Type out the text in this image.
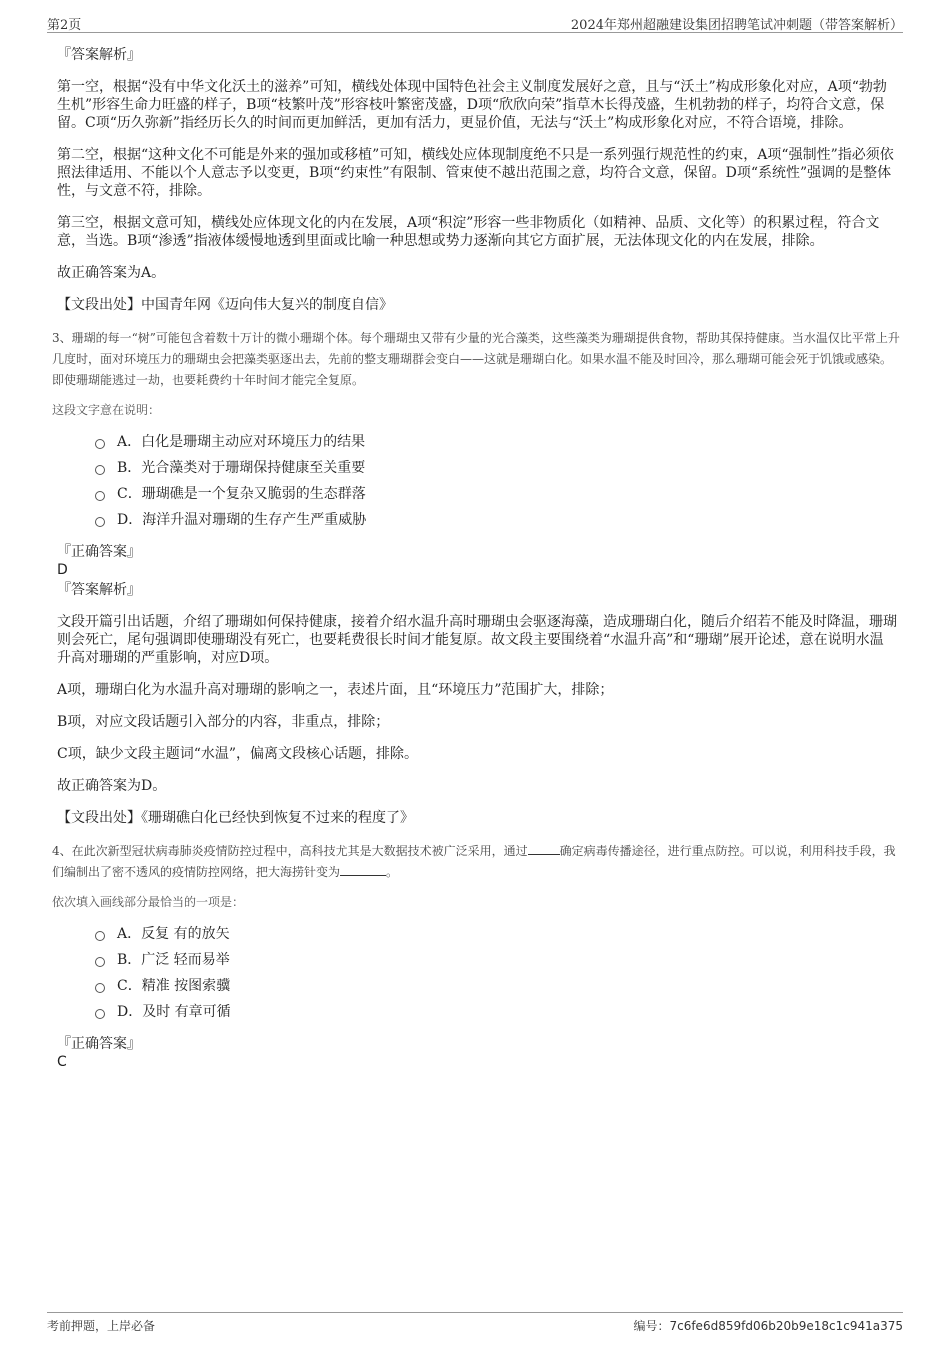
第2页	2024年郑州超融建设集团招聘笔试冲刺题（带答案解析）

『答案解析』

第一空，根据“没有中华文化沃土的滋养”可知，横线处体现中国特色社会主义制度发展好之意，且与“沃土”构成形象化对应，A项“勃勃生机”形容生命力旺盛的样子，B项“枝繁叶茂”形容枝叶繁密茂盛，D项“欣欣向荣”指草木长得茂盛，生机勃勃的样子，均符合文意，保留。C项“历久弥新”指经历长久的时间而更加鲜活，更加有活力，更显价值，无法与“沃土”构成形象化对应，不符合语境，排除。

第二空，根据“这种文化不可能是外来的强加或移植”可知，横线处应体现制度绝不只是一系列强行规范性的约束，A项“强制性”指必须依照法律适用、不能以个人意志予以变更，B项“约束性”有限制、管束使不越出范围之意，均符合文意，保留。D项“系统性”强调的是整体性，与文意不符，排除。

第三空，根据文意可知，横线处应体现文化的内在发展，A项“积淀”形容一些非物质化（如精神、品质、文化等）的积累过程，符合文意，当选。B项“渗透”指液体缓慢地透到里面或比喻一种思想或势力逐渐向其它方面扩展，无法体现文化的内在发展，排除。

故正确答案为A。

【文段出处】中国青年网《迈向伟大复兴的制度自信》

3、珊瑚的每一“树”可能包含着数十万计的微小珊瑚个体。每个珊瑚虫又带有少量的光合藻类，这些藻类为珊瑚提供食物，帮助其保持健康。当水温仅比平常上升几度时，面对环境压力的珊瑚虫会把藻类驱逐出去，先前的整支珊瑚群会变白——这就是珊瑚白化。如果水温不能及时回冷，那么珊瑚可能会死于饥饿或感染。即使珊瑚能逃过一劫，也要耗费约十年时间才能完全复原。

这段文字意在说明：

A． 白化是珊瑚主动应对环境压力的结果
B． 光合藻类对于珊瑚保持健康至关重要
C． 珊瑚礁是一个复杂又脆弱的生态群落
D． 海洋升温对珊瑚的生存产生严重威胁

『正确答案』

D

『答案解析』

文段开篇引出话题，介绍了珊瑚如何保持健康，接着介绍水温升高时珊瑚虫会驱逐海藻，造成珊瑚白化，随后介绍若不能及时降温，珊瑚则会死亡，尾句强调即使珊瑚没有死亡，也要耗费很长时间才能复原。故文段主要围绕着“水温升高”和“珊瑚”展开论述，意在说明水温升高对珊瑚的严重影响，对应D项。

A项，珊瑚白化为水温升高对珊瑚的影响之一，表述片面，且“环境压力”范围扩大，排除；

B项，对应文段话题引入部分的内容，非重点，排除；

C项，缺少文段主题词“水温”，偏离文段核心话题，排除。

故正确答案为D。

【文段出处】《珊瑚礁白化已经快到恢复不过来的程度了》

4、在此次新型冠状病毒肺炎疫情防控过程中，高科技尤其是大数据技术被广泛采用，通过	确定病毒传播途径，进行重点防控。可以说，利用科技手段，我们编制出了密不透风的疫情防控网络，把大海捞针变为	。

依次填入画线部分最恰当的一项是：

A． 反复 有的放矢
B． 广泛 轻而易举
C． 精准 按图索骥
D． 及时 有章可循

『正确答案』

C

考前押题，上岸必备	编号：7c6fe6d859fd06b20b9e18c1c941a375
